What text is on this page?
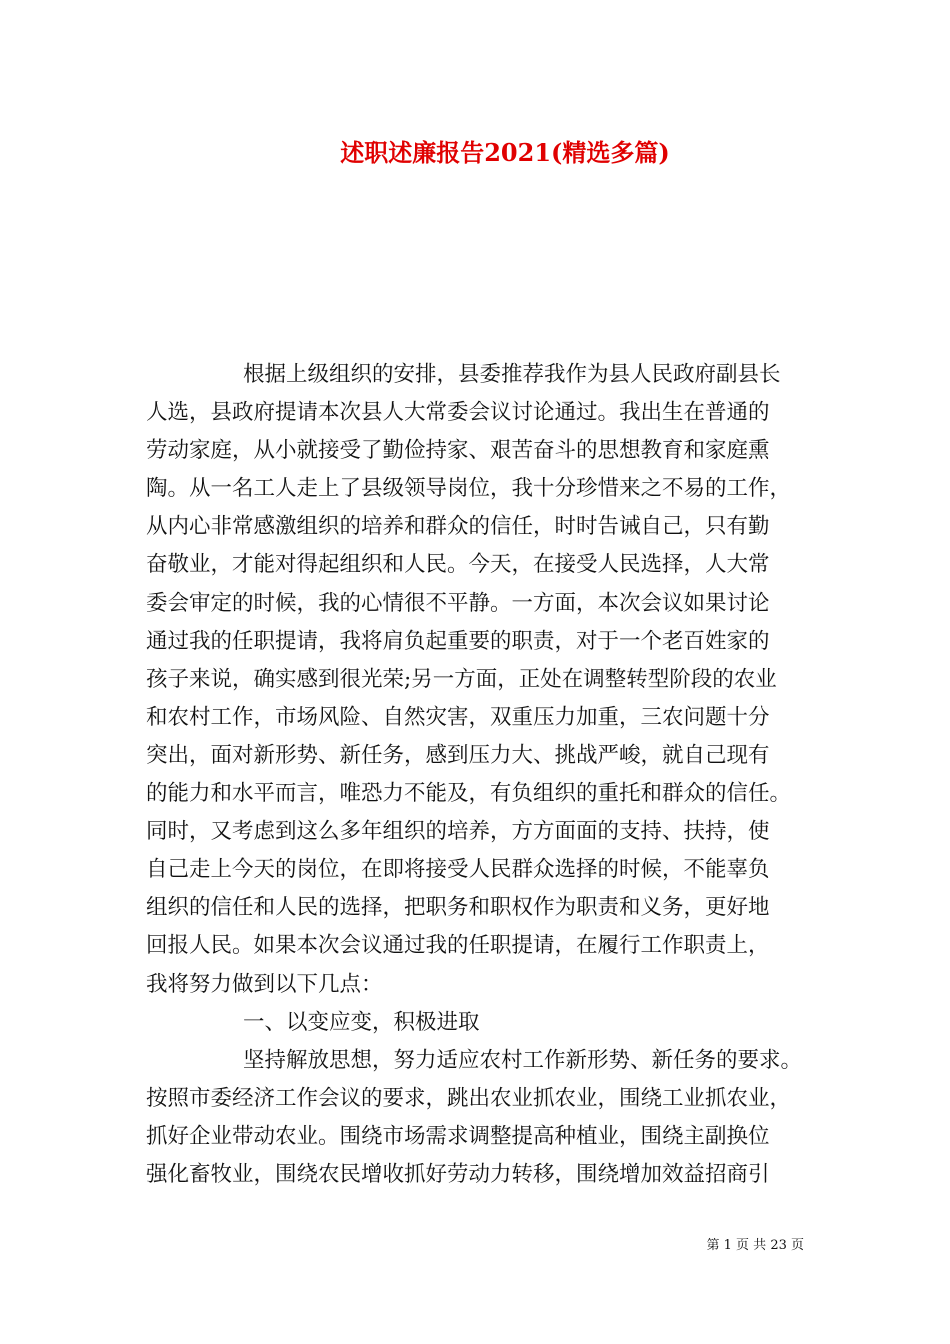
述职述廉报告2021(精选多篇)
根据上级组织的安排，县委推荐我作为县人民政府副县长
人选，县政府提请本次县人大常委会议讨论通过。我出生在普通的
劳动家庭，从小就接受了勤俭持家、艰苦奋斗的思想教育和家庭熏
陶。从一名工人走上了县级领导岗位，我十分珍惜来之不易的工作，
从内心非常感激组织的培养和群众的信任，时时告诫自己，只有勤
奋敬业，才能对得起组织和人民。今天，在接受人民选择，人大常
委会审定的时候，我的心情很不平静。一方面，本次会议如果讨论
通过我的任职提请，我将肩负起重要的职责，对于一个老百姓家的
孩子来说，确实感到很光荣;另一方面，正处在调整转型阶段的农业
和农村工作，市场风险、自然灾害，双重压力加重，三农问题十分
突出，面对新形势、新任务，感到压力大、挑战严峻，就自己现有
的能力和水平而言，唯恐力不能及，有负组织的重托和群众的信任。
同时，又考虑到这么多年组织的培养，方方面面的支持、扶持，使
自己走上今天的岗位，在即将接受人民群众选择的时候，不能辜负
组织的信任和人民的选择，把职务和职权作为职责和义务，更好地
回报人民。如果本次会议通过我的任职提请，在履行工作职责上，
我将努力做到以下几点：
一、以变应变，积极进取
坚持解放思想，努力适应农村工作新形势、新任务的要求。
按照市委经济工作会议的要求，跳出农业抓农业，围绕工业抓农业，
抓好企业带动农业。围绕市场需求调整提高种植业，围绕主副换位
强化畜牧业，围绕农民增收抓好劳动力转移，围绕增加效益招商引
第 1 页 共 23 页
